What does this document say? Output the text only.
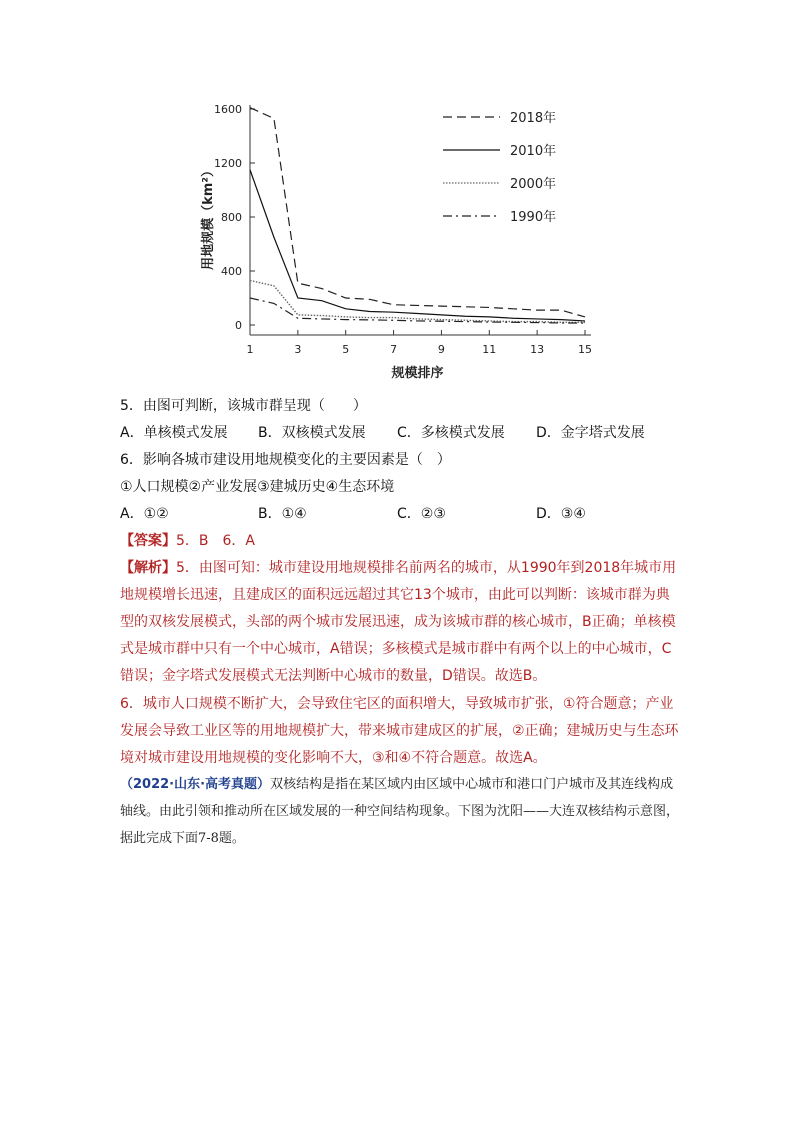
0
400
800
1200
1600
1	3	5	7	9	11	13	15
用地规模（km²）
规模排序
2018年
2010年
2000年
1990年
5．由图可判断，该城市群呈现（　　）
A．单核模式发展 B．双核模式发展 C．多核模式发展 D．金字塔式发展
6．影响各城市建设用地规模变化的主要因素是（　）
①人口规模②产业发展③建城历史④生态环境
A．①②	B．①④	C．②③	D．③④
【答案】5．B　6．A
【解析】5．由图可知：城市建设用地规模排名前两名的城市，从1990年到2018年城市用地规模增长迅速，且建成区的面积远远超过其它13个城市，由此可以判断：该城市群为典型的双核发展模式，头部的两个城市发展迅速，成为该城市群的核心城市，B正确；单核模式是城市群中只有一个中心城市，A错误；多核模式是城市群中有两个以上的中心城市，C错误；金字塔式发展模式无法判断中心城市的数量，D错误。故选B。
6．城市人口规模不断扩大，会导致住宅区的面积增大，导致城市扩张，①符合题意；产业发展会导致工业区等的用地规模扩大，带来城市建成区的扩展，②正确；建城历史与生态环境对城市建设用地规模的变化影响不大，③和④不符合题意。故选A。
（2022·山东·高考真题）双核结构是指在某区域内由区域中心城市和港口门户城市及其连线构成轴线。由此引领和推动所在区域发展的一种空间结构现象。下图为沈阳——大连双核结构示意图，据此完成下面7-8题。
